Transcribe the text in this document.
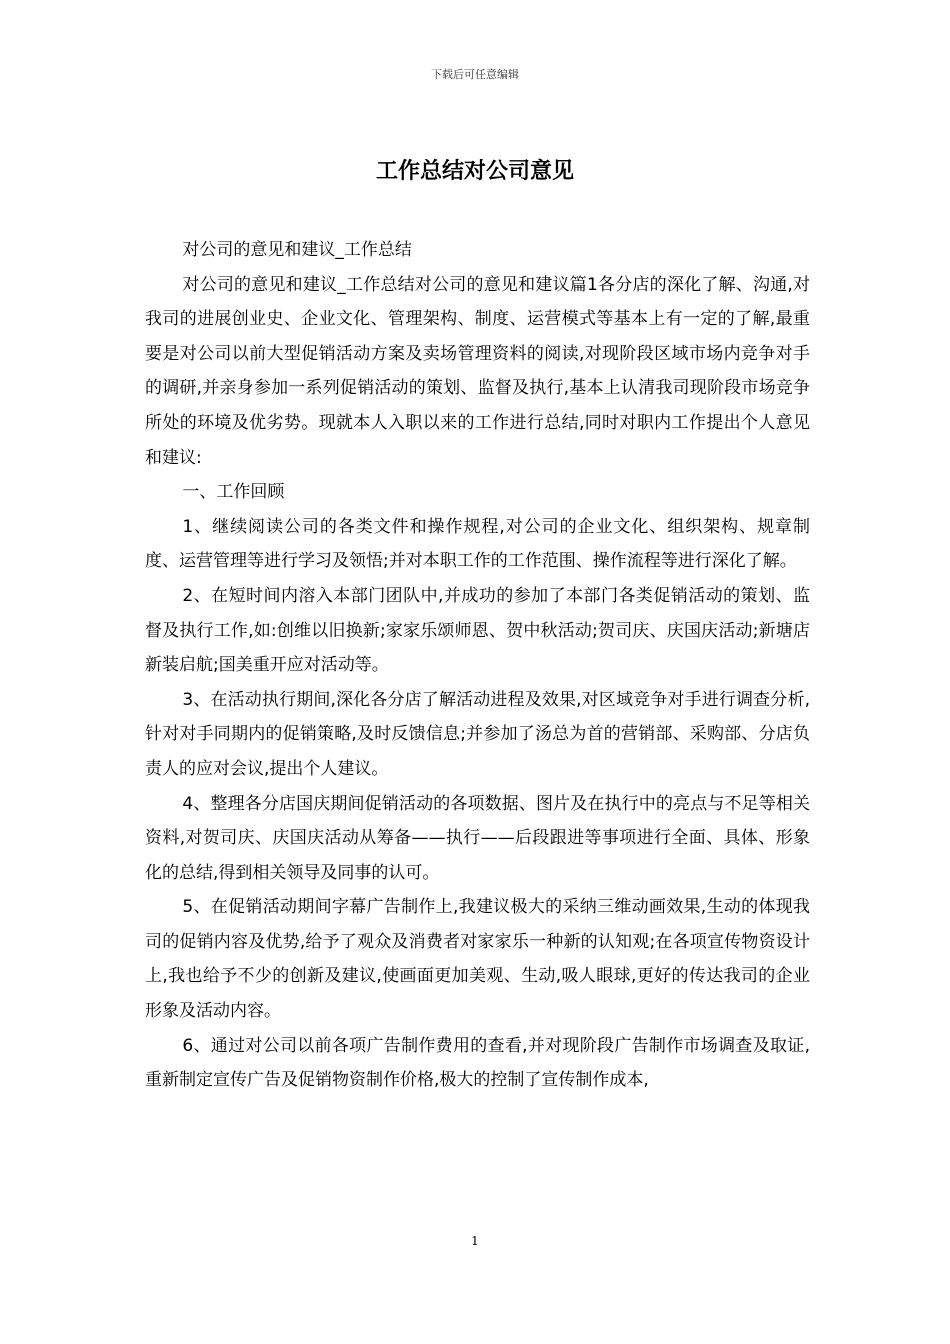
下载后可任意编辑
工作总结对公司意见

对公司的意见和建议_工作总结

对公司的意见和建议_工作总结对公司的意见和建议篇1各分店的深化了解、沟通,对我司的进展创业史、企业文化、管理架构、制度、运营模式等基本上有一定的了解,最重要是对公司以前大型促销活动方案及卖场管理资料的阅读,对现阶段区域市场内竞争对手的调研,并亲身参加一系列促销活动的策划、监督及执行,基本上认清我司现阶段市场竞争所处的环境及优劣势。现就本人入职以来的工作进行总结,同时对职内工作提出个人意见和建议:

一、工作回顾

1、继续阅读公司的各类文件和操作规程,对公司的企业文化、组织架构、规章制度、运营管理等进行学习及领悟;并对本职工作的工作范围、操作流程等进行深化了解。

2、在短时间内溶入本部门团队中,并成功的参加了本部门各类促销活动的策划、监督及执行工作,如:创维以旧换新;家家乐颂师恩、贺中秋活动;贺司庆、庆国庆活动;新塘店新装启航;国美重开应对活动等。

3、在活动执行期间,深化各分店了解活动进程及效果,对区域竞争对手进行调查分析,针对对手同期内的促销策略,及时反馈信息;并参加了汤总为首的营销部、采购部、分店负责人的应对会议,提出个人建议。

4、整理各分店国庆期间促销活动的各项数据、图片及在执行中的亮点与不足等相关资料,对贺司庆、庆国庆活动从筹备——执行——后段跟进等事项进行全面、具体、形象化的总结,得到相关领导及同事的认可。

5、在促销活动期间字幕广告制作上,我建议极大的采纳三维动画效果,生动的体现我司的促销内容及优势,给予了观众及消费者对家家乐一种新的认知观;在各项宣传物资设计上,我也给予不少的创新及建议,使画面更加美观、生动,吸人眼球,更好的传达我司的企业形象及活动内容。

6、通过对公司以前各项广告制作费用的查看,并对现阶段广告制作市场调查及取证,重新制定宣传广告及促销物资制作价格,极大的控制了宣传制作成本,

1
